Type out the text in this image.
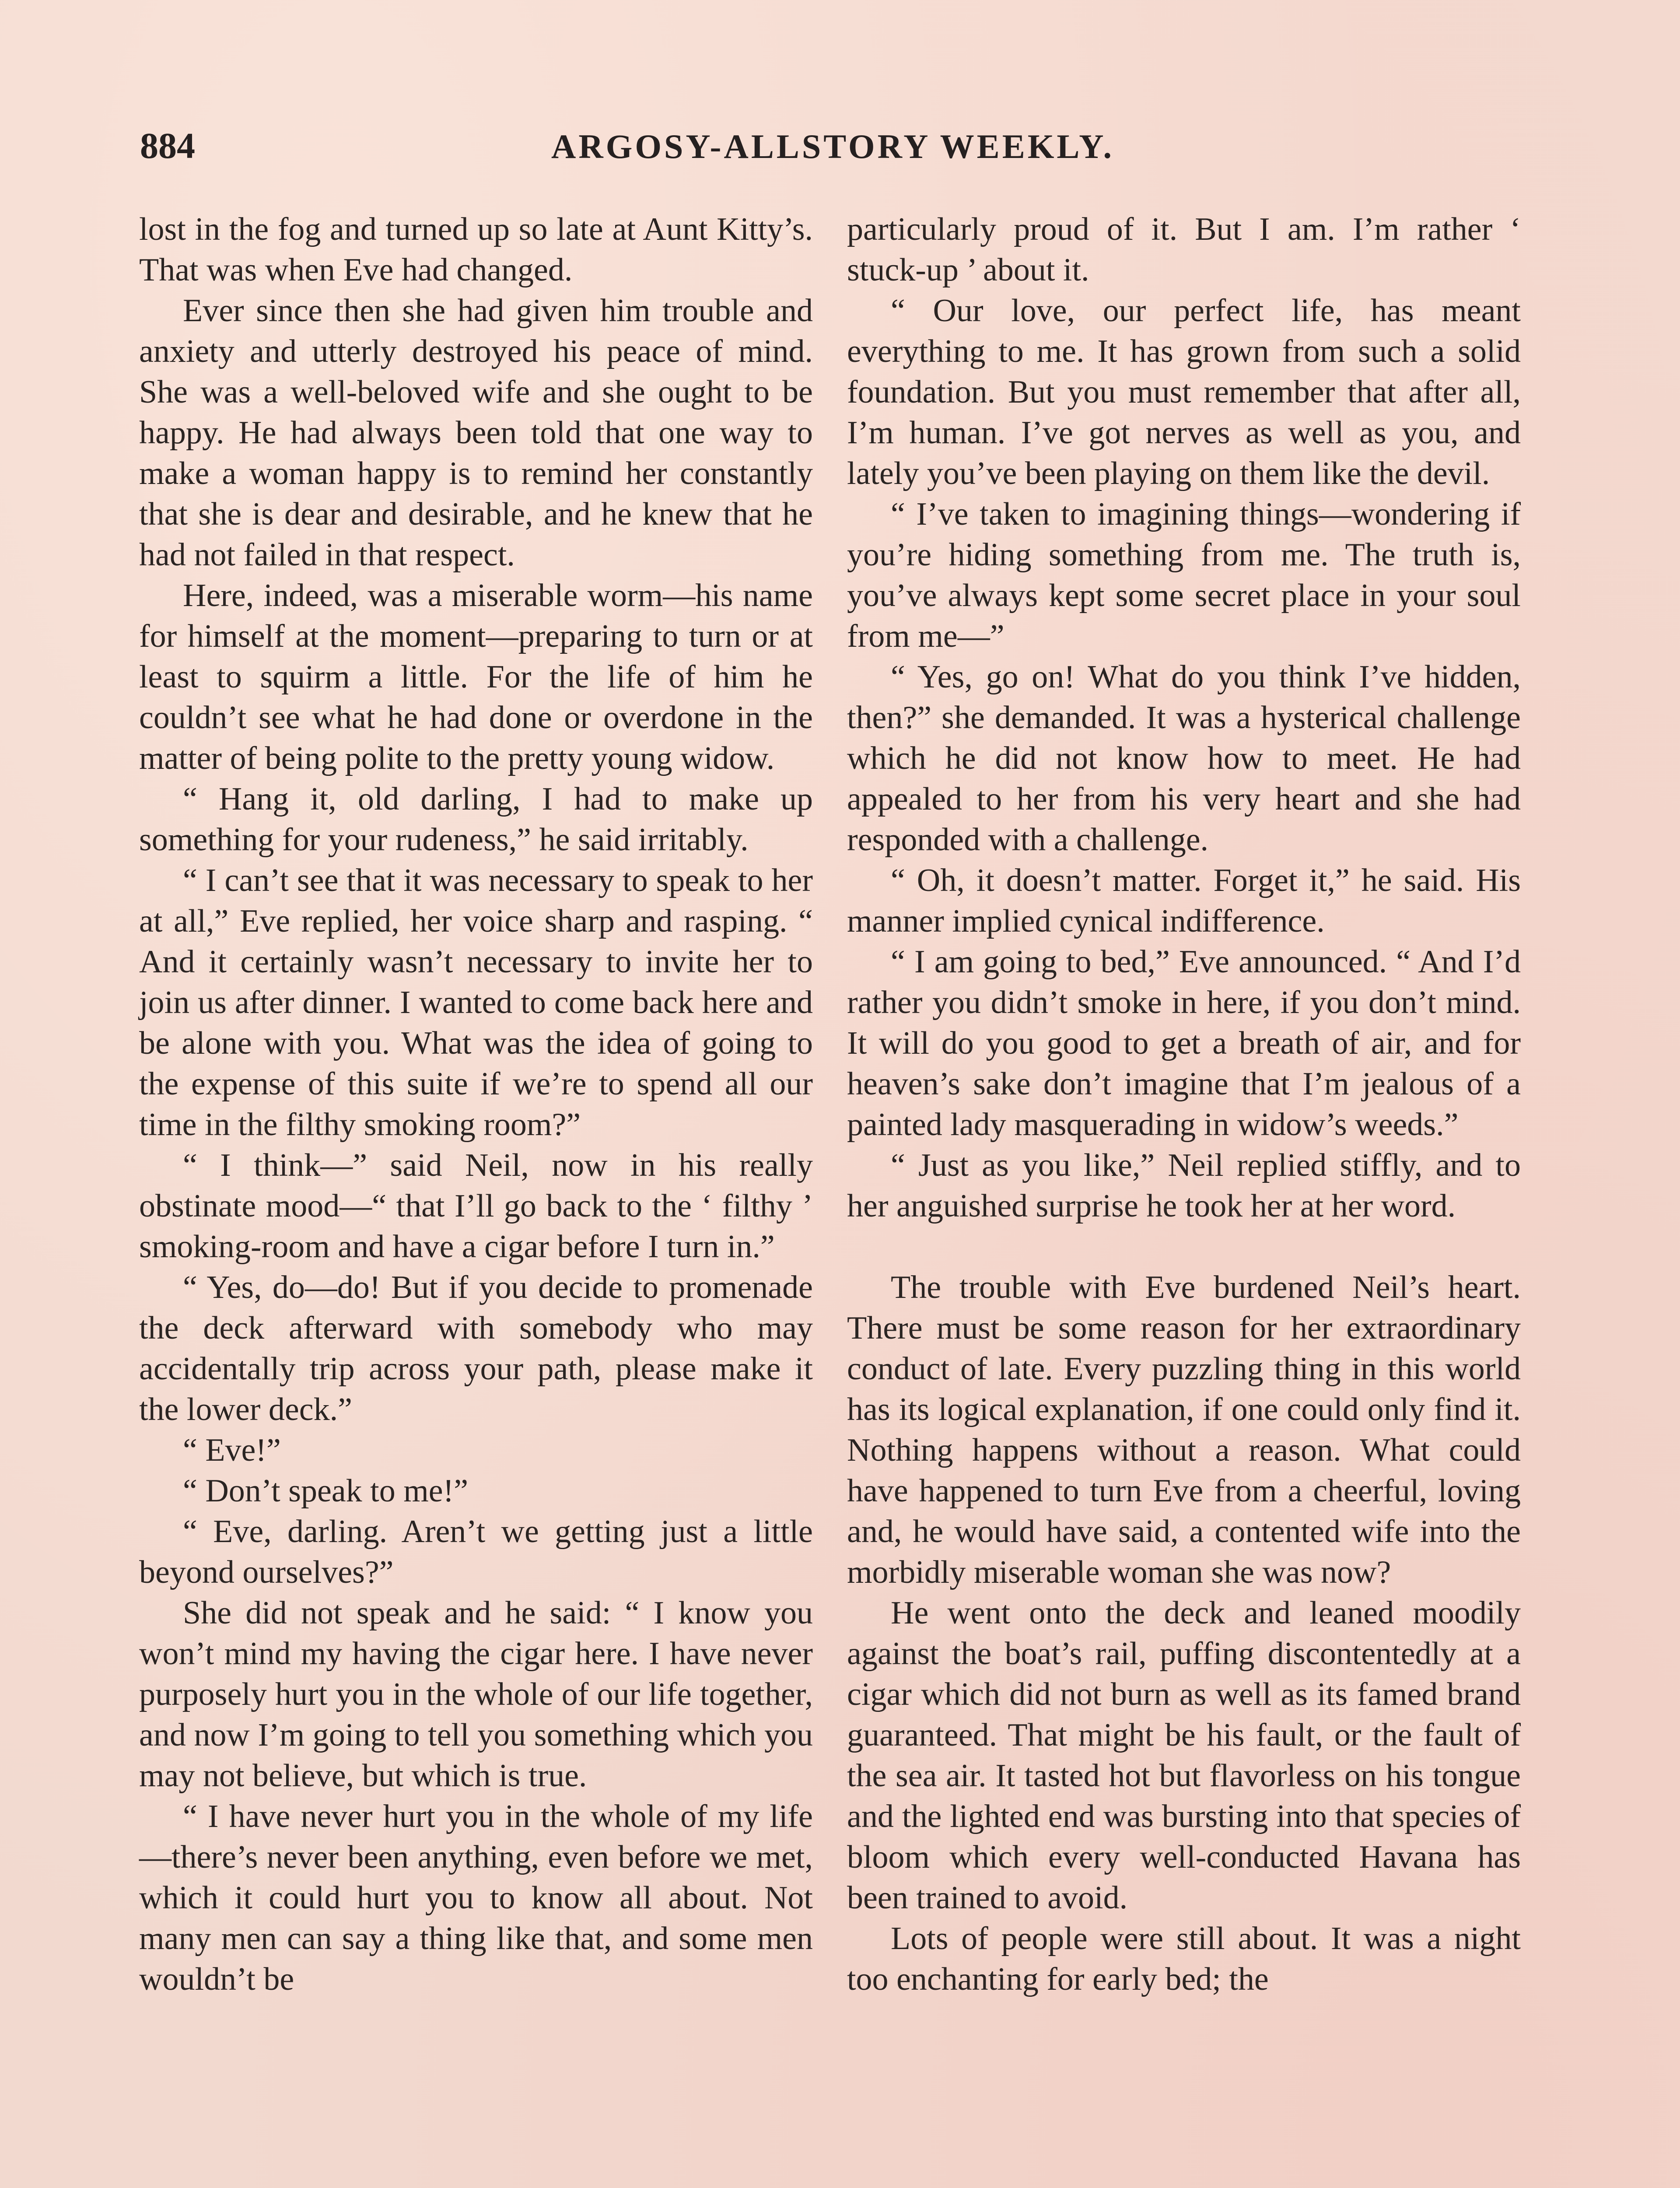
884	ARGOSY-ALLSTORY WEEKLY.

lost in the fog and turned up so late at Aunt Kitty’s. That was when Eve had changed.

Ever since then she had given him trouble and anxiety and utterly destroyed his peace of mind. She was a well-beloved wife and she ought to be happy. He had always been told that one way to make a woman happy is to remind her constantly that she is dear and desirable, and he knew that he had not failed in that respect.

Here, indeed, was a miserable worm—his name for himself at the moment—preparing to turn or at least to squirm a little. For the life of him he couldn’t see what he had done or overdone in the matter of being polite to the pretty young widow.

“ Hang it, old darling, I had to make up something for your rudeness,” he said irritably.

“ I can’t see that it was necessary to speak to her at all,” Eve replied, her voice sharp and rasping. “ And it certainly wasn’t necessary to invite her to join us after dinner. I wanted to come back here and be alone with you. What was the idea of going to the expense of this suite if we’re to spend all our time in the filthy smoking room?”

“ I think—” said Neil, now in his really obstinate mood—“ that I’ll go back to the ‘ filthy ’ smoking-room and have a cigar before I turn in.”

“ Yes, do—do! But if you decide to promenade the deck afterward with somebody who may accidentally trip across your path, please make it the lower deck.”

“ Eve!”

“ Don’t speak to me!”

“ Eve, darling. Aren’t we getting just a little beyond ourselves?”

She did not speak and he said: “ I know you won’t mind my having the cigar here. I have never purposely hurt you in the whole of our life together, and now I’m going to tell you something which you may not believe, but which is true.

“ I have never hurt you in the whole of my life—there’s never been anything, even before we met, which it could hurt you to know all about. Not many men can say a thing like that, and some men wouldn’t be

particularly proud of it. But I am. I’m rather ‘ stuck-up ’ about it.

“ Our love, our perfect life, has meant everything to me. It has grown from such a solid foundation. But you must remember that after all, I’m human. I’ve got nerves as well as you, and lately you’ve been playing on them like the devil.

“ I’ve taken to imagining things—wondering if you’re hiding something from me. The truth is, you’ve always kept some secret place in your soul from me—”

“ Yes, go on! What do you think I’ve hidden, then?” she demanded. It was a hysterical challenge which he did not know how to meet. He had appealed to her from his very heart and she had responded with a challenge.

“ Oh, it doesn’t matter. Forget it,” he said. His manner implied cynical indifference.

“ I am going to bed,” Eve announced. “ And I’d rather you didn’t smoke in here, if you don’t mind. It will do you good to get a breath of air, and for heaven’s sake don’t imagine that I’m jealous of a painted lady masquerading in widow’s weeds.”

“ Just as you like,” Neil replied stiffly, and to her anguished surprise he took her at her word.

The trouble with Eve burdened Neil’s heart. There must be some reason for her extraordinary conduct of late. Every puzzling thing in this world has its logical explanation, if one could only find it. Nothing happens without a reason. What could have happened to turn Eve from a cheerful, loving and, he would have said, a contented wife into the morbidly miserable woman she was now?

He went onto the deck and leaned moodily against the boat’s rail, puffing discontentedly at a cigar which did not burn as well as its famed brand guaranteed. That might be his fault, or the fault of the sea air. It tasted hot but flavorless on his tongue and the lighted end was bursting into that species of bloom which every well-conducted Havana has been trained to avoid.

Lots of people were still about. It was a night too enchanting for early bed; the
